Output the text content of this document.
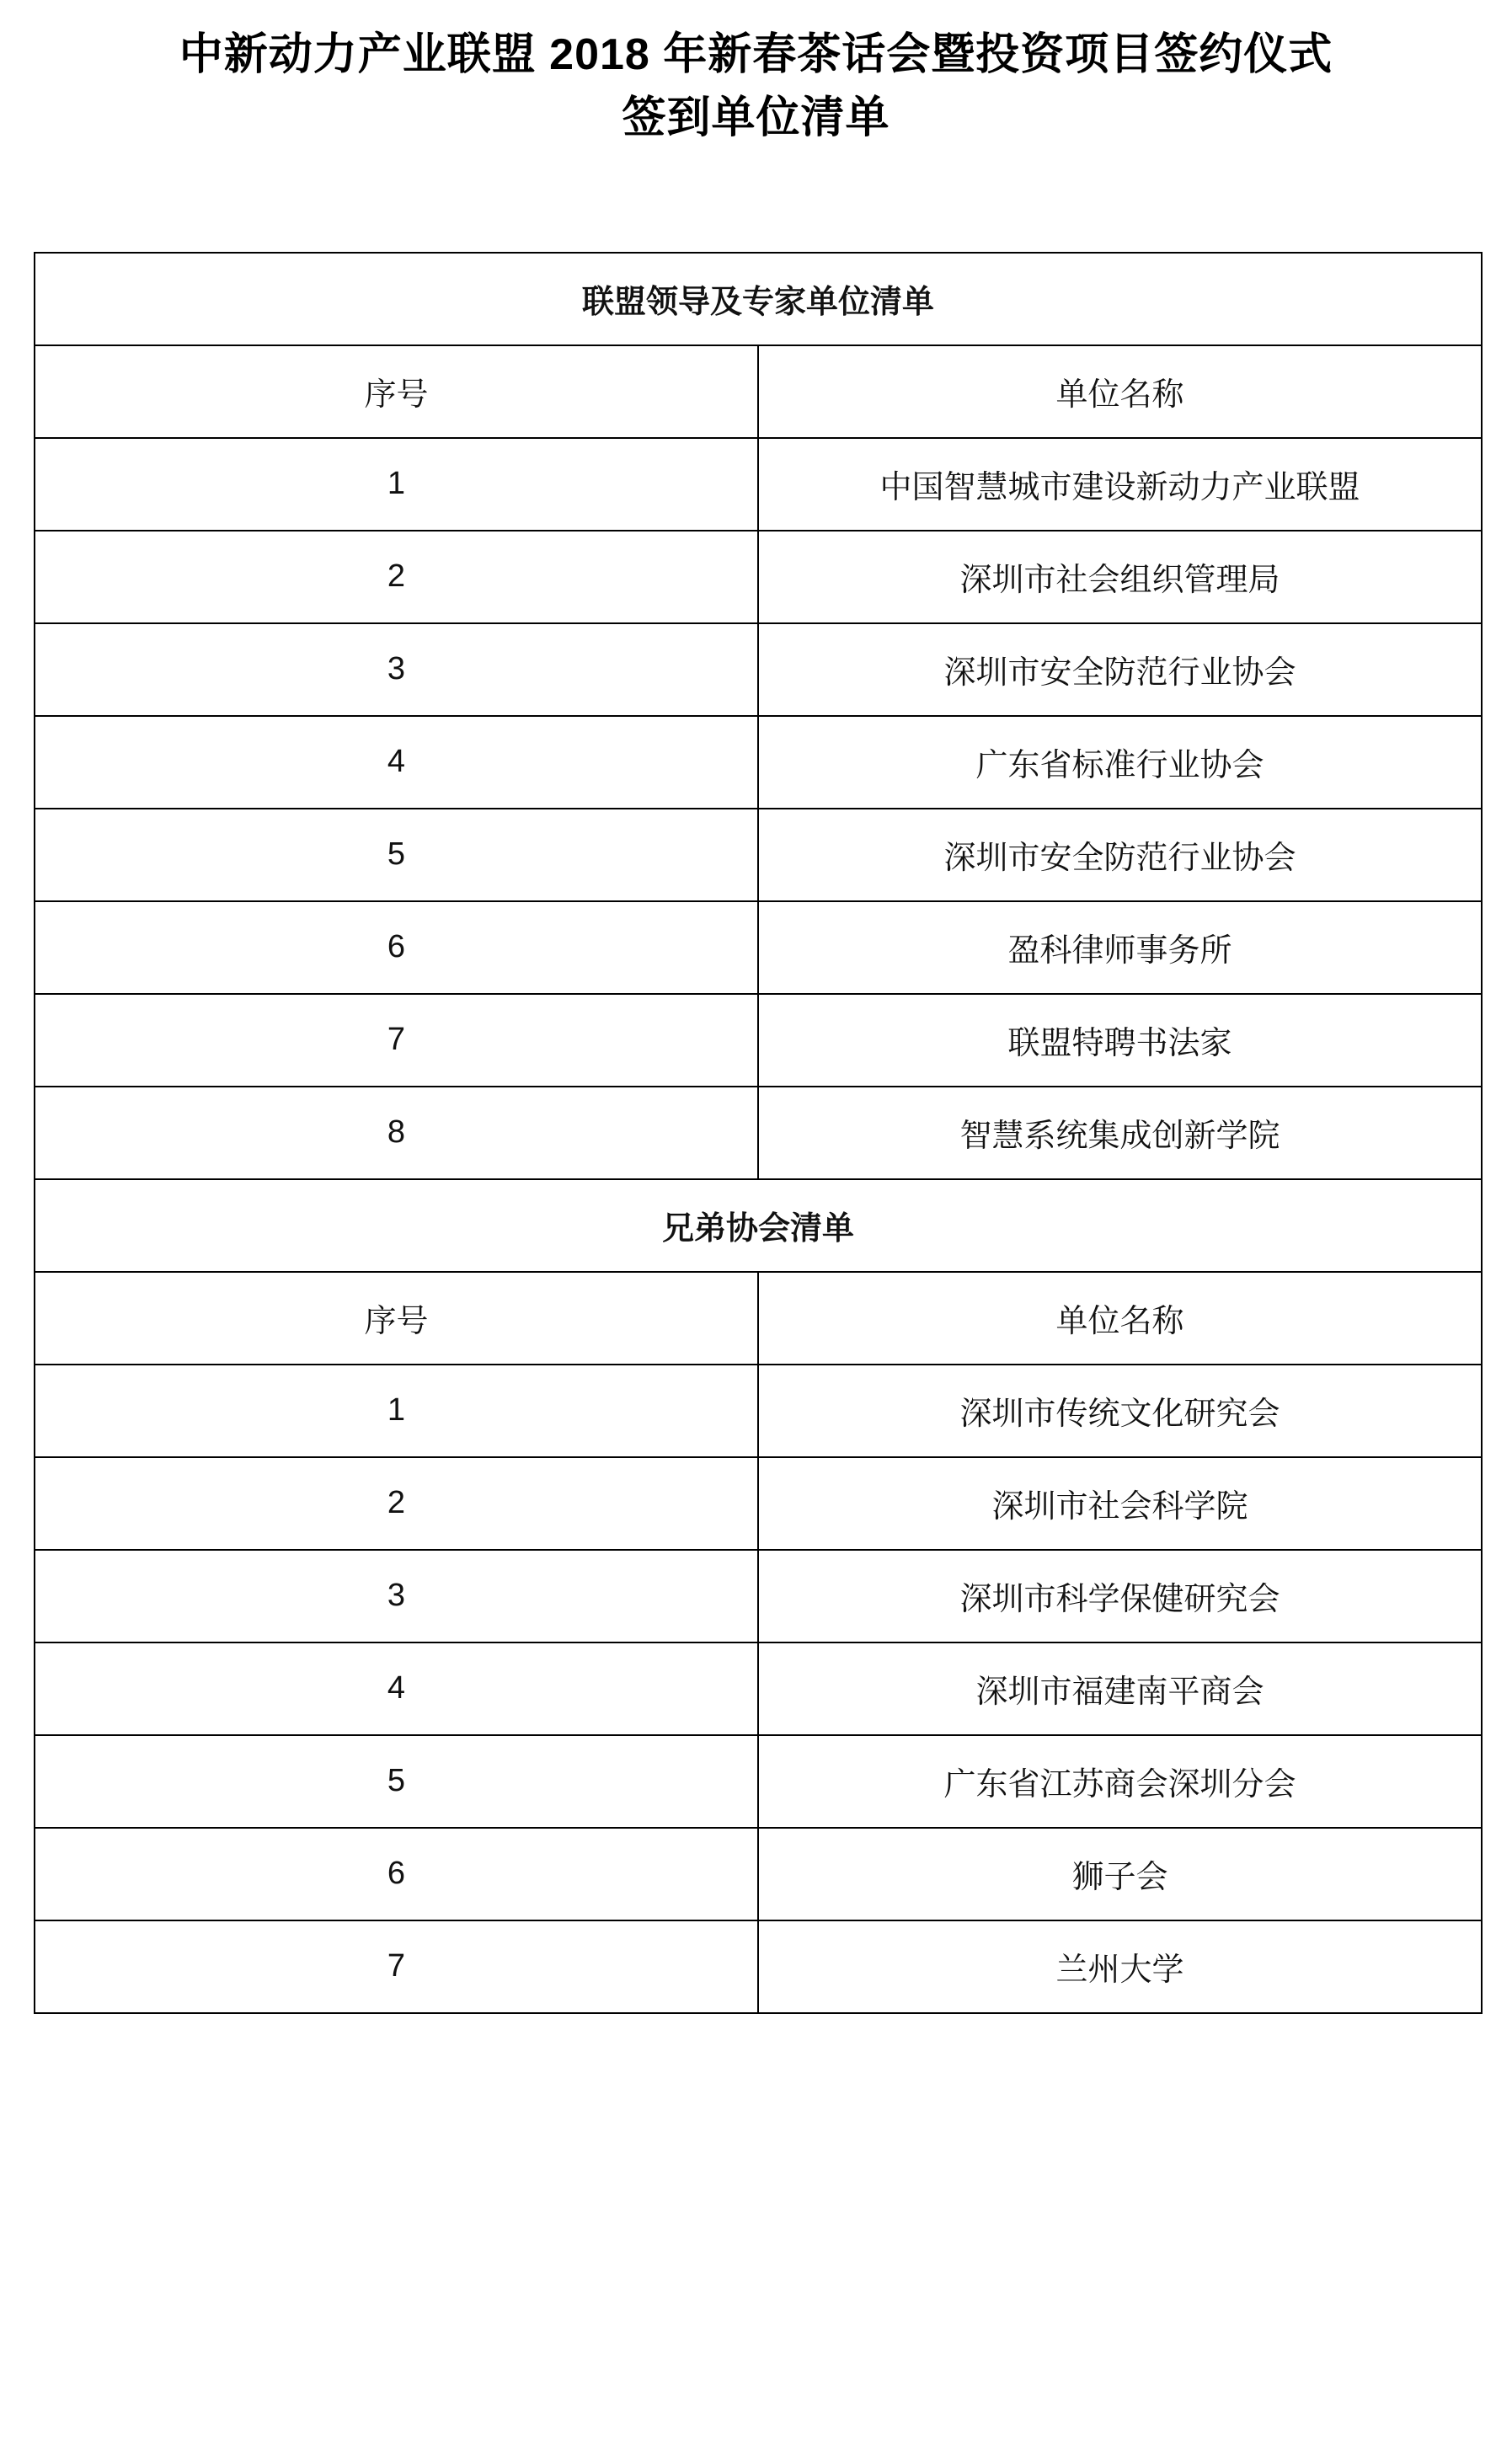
中新动力产业联盟 2018 年新春茶话会暨投资项目签约仪式
签到单位清单
联盟领导及专家单位清单	
序号	单位名称
1	中国智慧城市建设新动力产业联盟
2	深圳市社会组织管理局
3	深圳市安全防范行业协会
4	广东省标准行业协会
5	深圳市安全防范行业协会
6	盈科律师事务所
7	联盟特聘书法家
8	智慧系统集成创新学院
兄弟协会清单	
序号	单位名称
1	深圳市传统文化研究会
2	深圳市社会科学院
3	深圳市科学保健研究会
4	深圳市福建南平商会
5	广东省江苏商会深圳分会
6	狮子会
7	兰州大学
